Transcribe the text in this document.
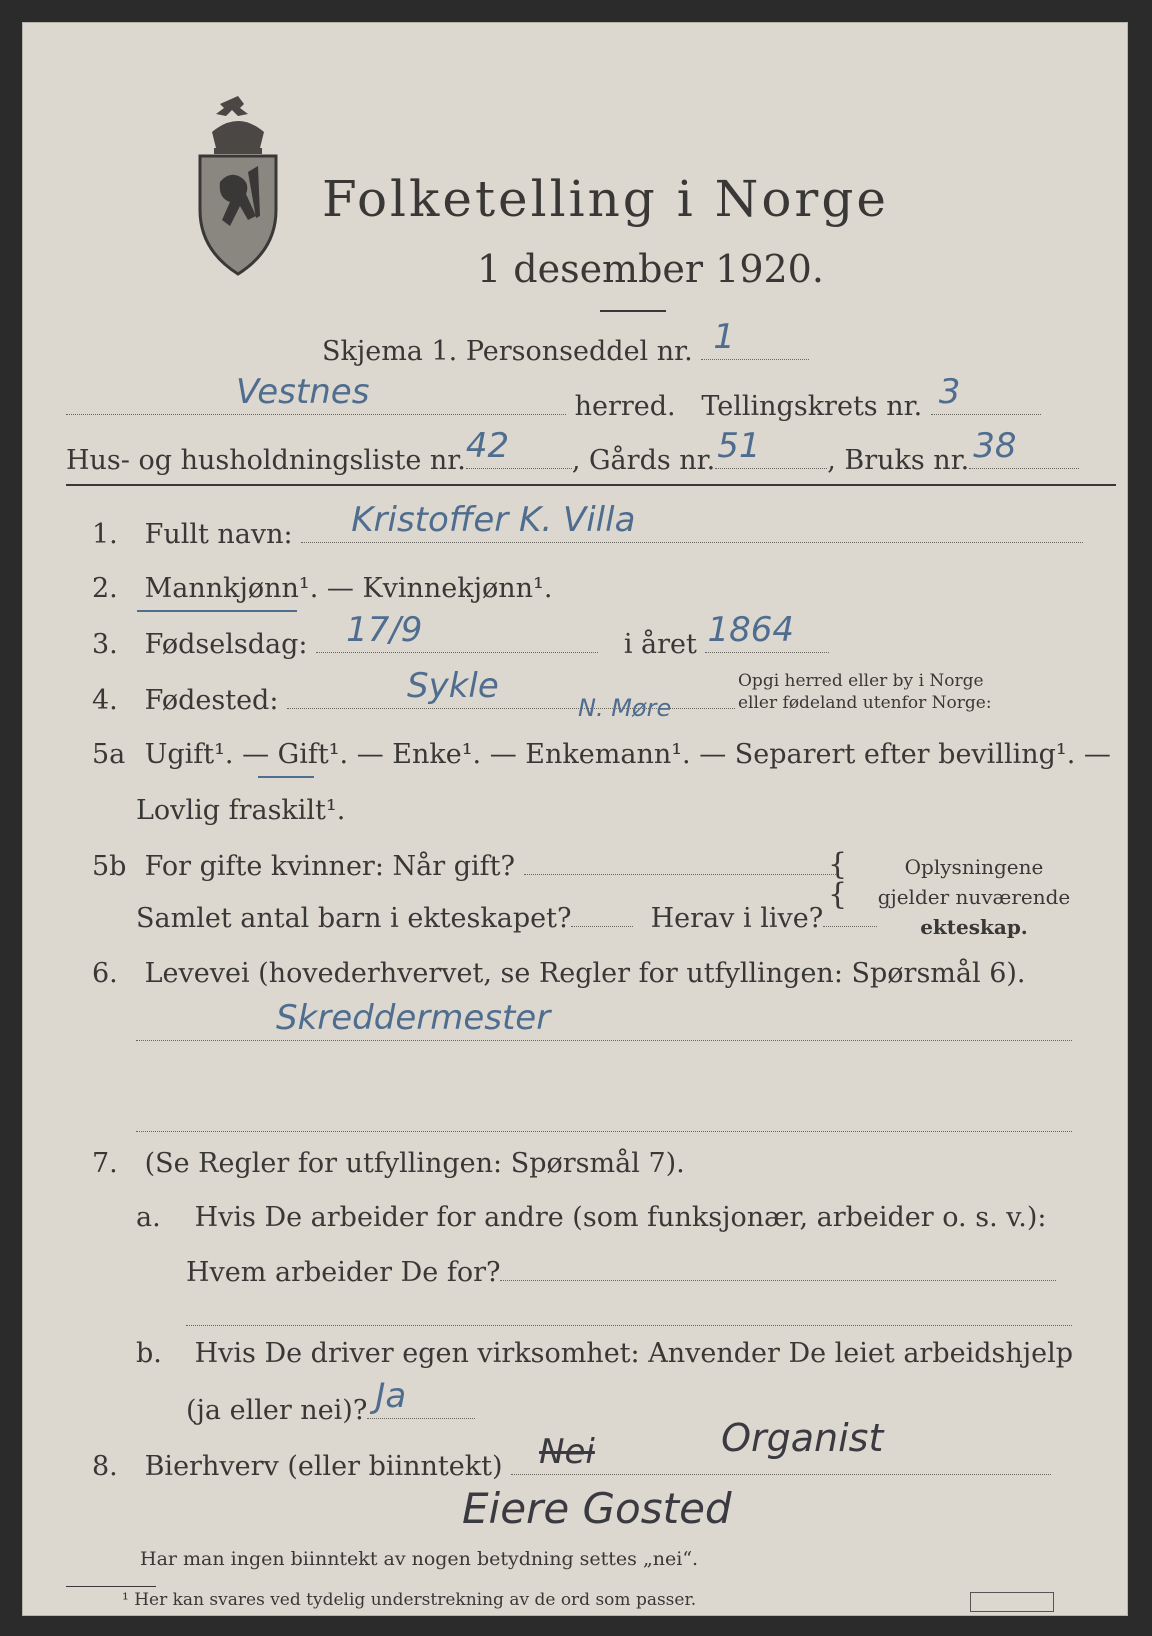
Folketelling i Norge
1 desember 1920.
Skjema 1. Personseddel nr. 1
Vestnes	herred. Tellingskrets nr. 3
Hus- og husholdningsliste nr. 42 , Gårds nr. 51 , Bruks nr. 38
1. Fullt navn: Kristoffer K. Villa
2. Mannkjønn¹. — Kvinnekjønn¹.
3. Fødselsdag: 17/9	i året 1864
4. Fødested:	Sykle
N. Møre
Opgi herred eller by i Norge
eller fødeland utenfor Norge:
5a Ugift¹. — Gift¹. — Enke¹. — Enkemann¹. — Separert efter bevilling¹. —
Lovlig fraskilt¹.
5b For gifte kvinner: Når gift?
Samlet antal barn i ekteskapet?	Herav i live?
{
{
Oplysningene
gjelder nuværende
ekteskap.
6. Levevei (hovederhvervet, se Regler for utfyllingen: Spørsmål 6).
Skreddermester
7. (Se Regler for utfyllingen: Spørsmål 7).
a. Hvis De arbeider for andre (som funksjonær, arbeider o. s. v.):
Hvem arbeider De for?
b. Hvis De driver egen virksomhet: Anvender De leiet arbeidshjelp
(ja eller nei)? Ja
8. Bierhverv (eller biinntekt) Nei	Organist
Eiere Gosted
Har man ingen biinntekt av nogen betydning settes „nei“.
¹ Her kan svares ved tydelig understrekning av de ord som passer.
